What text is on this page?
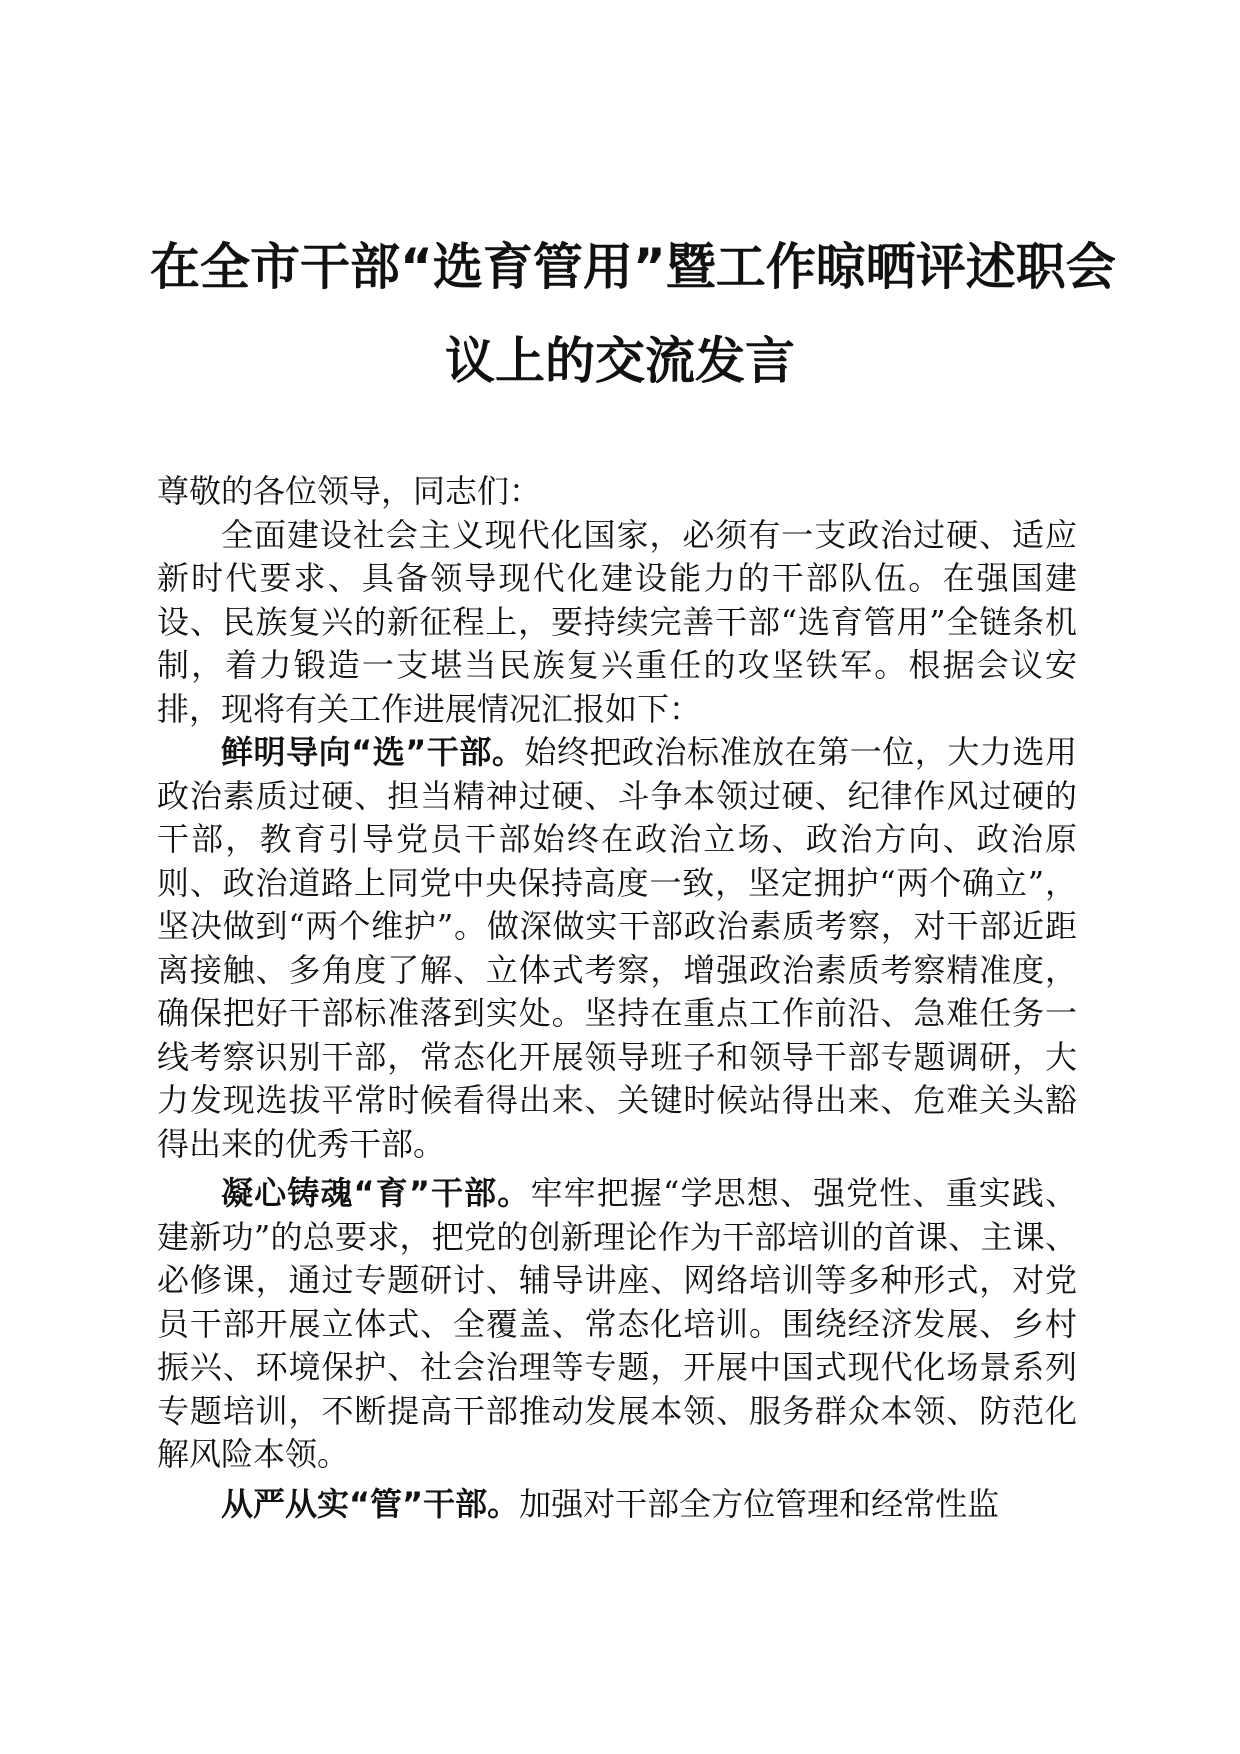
在全市干部“选育管用”暨工作晾晒评述职会
议上的交流发言

尊敬的各位领导，同志们：

全面建设社会主义现代化国家，必须有一支政治过硬、适应新时代要求、具备领导现代化建设能力的干部队伍。在强国建设、民族复兴的新征程上，要持续完善干部“选育管用”全链条机制，着力锻造一支堪当民族复兴重任的攻坚铁军。根据会议安排，现将有关工作进展情况汇报如下：

鲜明导向“选”干部。始终把政治标准放在第一位，大力选用政治素质过硬、担当精神过硬、斗争本领过硬、纪律作风过硬的干部，教育引导党员干部始终在政治立场、政治方向、政治原则、政治道路上同党中央保持高度一致，坚定拥护“两个确立”，坚决做到“两个维护”。做深做实干部政治素质考察，对干部近距离接触、多角度了解、立体式考察，增强政治素质考察精准度，确保把好干部标准落到实处。坚持在重点工作前沿、急难任务一线考察识别干部，常态化开展领导班子和领导干部专题调研，大力发现选拔平常时候看得出来、关键时候站得出来、危难关头豁得出来的优秀干部。

凝心铸魂“育”干部。牢牢把握“学思想、强党性、重实践、建新功”的总要求，把党的创新理论作为干部培训的首课、主课、必修课，通过专题研讨、辅导讲座、网络培训等多种形式，对党员干部开展立体式、全覆盖、常态化培训。围绕经济发展、乡村振兴、环境保护、社会治理等专题，开展中国式现代化场景系列专题培训，不断提高干部推动发展本领、服务群众本领、防范化解风险本领。

从严从实“管”干部。加强对干部全方位管理和经常性监
